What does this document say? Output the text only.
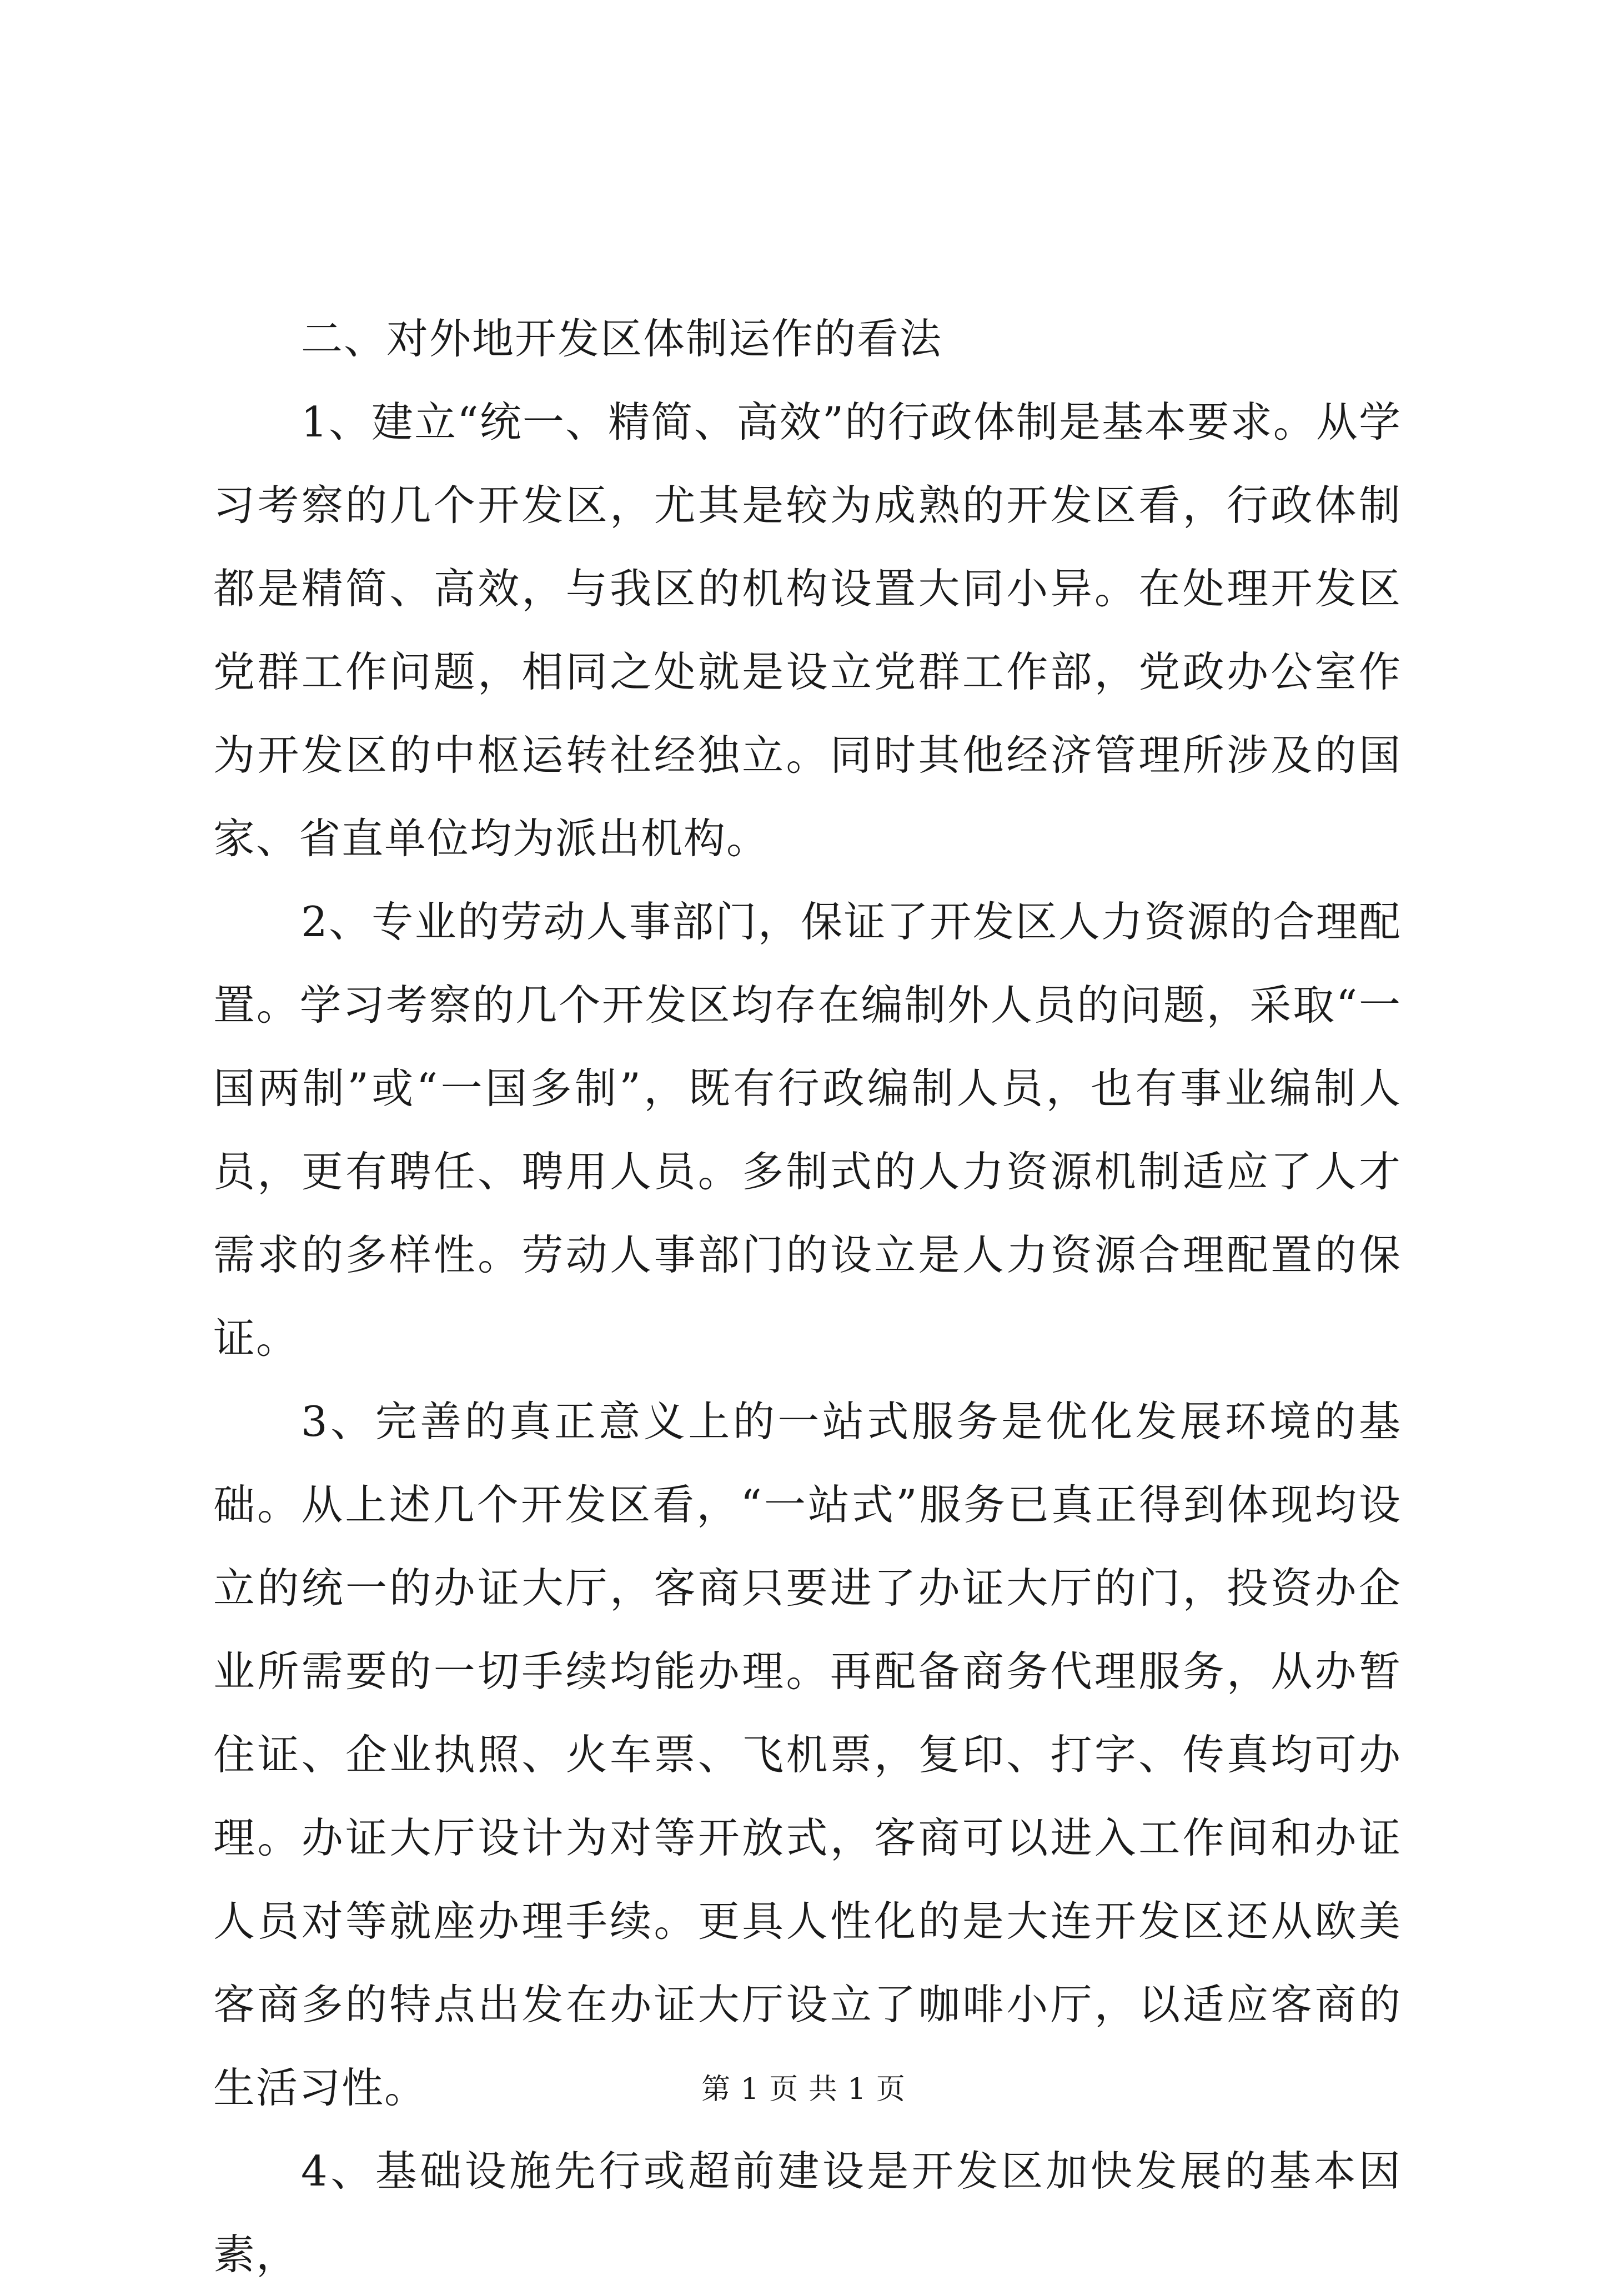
二、对外地开发区体制运作的看法

1、建立“统一、精简、高效”的行政体制是基本要求。从学习考察的几个开发区，尤其是较为成熟的开发区看，行政体制都是精简、高效，与我区的机构设置大同小异。在处理开发区党群工作问题，相同之处就是设立党群工作部，党政办公室作为开发区的中枢运转社经独立。同时其他经济管理所涉及的国家、省直单位均为派出机构。

2、专业的劳动人事部门，保证了开发区人力资源的合理配置。学习考察的几个开发区均存在编制外人员的问题，采取“一国两制”或“一国多制”，既有行政编制人员，也有事业编制人员，更有聘任、聘用人员。多制式的人力资源机制适应了人才需求的多样性。劳动人事部门的设立是人力资源合理配置的保证。

3、完善的真正意义上的一站式服务是优化发展环境的基础。从上述几个开发区看，“一站式”服务已真正得到体现均设立的统一的办证大厅，客商只要进了办证大厅的门，投资办企业所需要的一切手续均能办理。再配备商务代理服务，从办暂住证、企业执照、火车票、飞机票，复印、打字、传真均可办理。办证大厅设计为对等开放式，客商可以进入工作间和办证人员对等就座办理手续。更具人性化的是大连开发区还从欧美客商多的特点出发在办证大厅设立了咖啡小厅，以适应客商的生活习性。

4、基础设施先行或超前建设是开发区加快发展的基本因素，

第 1 页 共 1 页
